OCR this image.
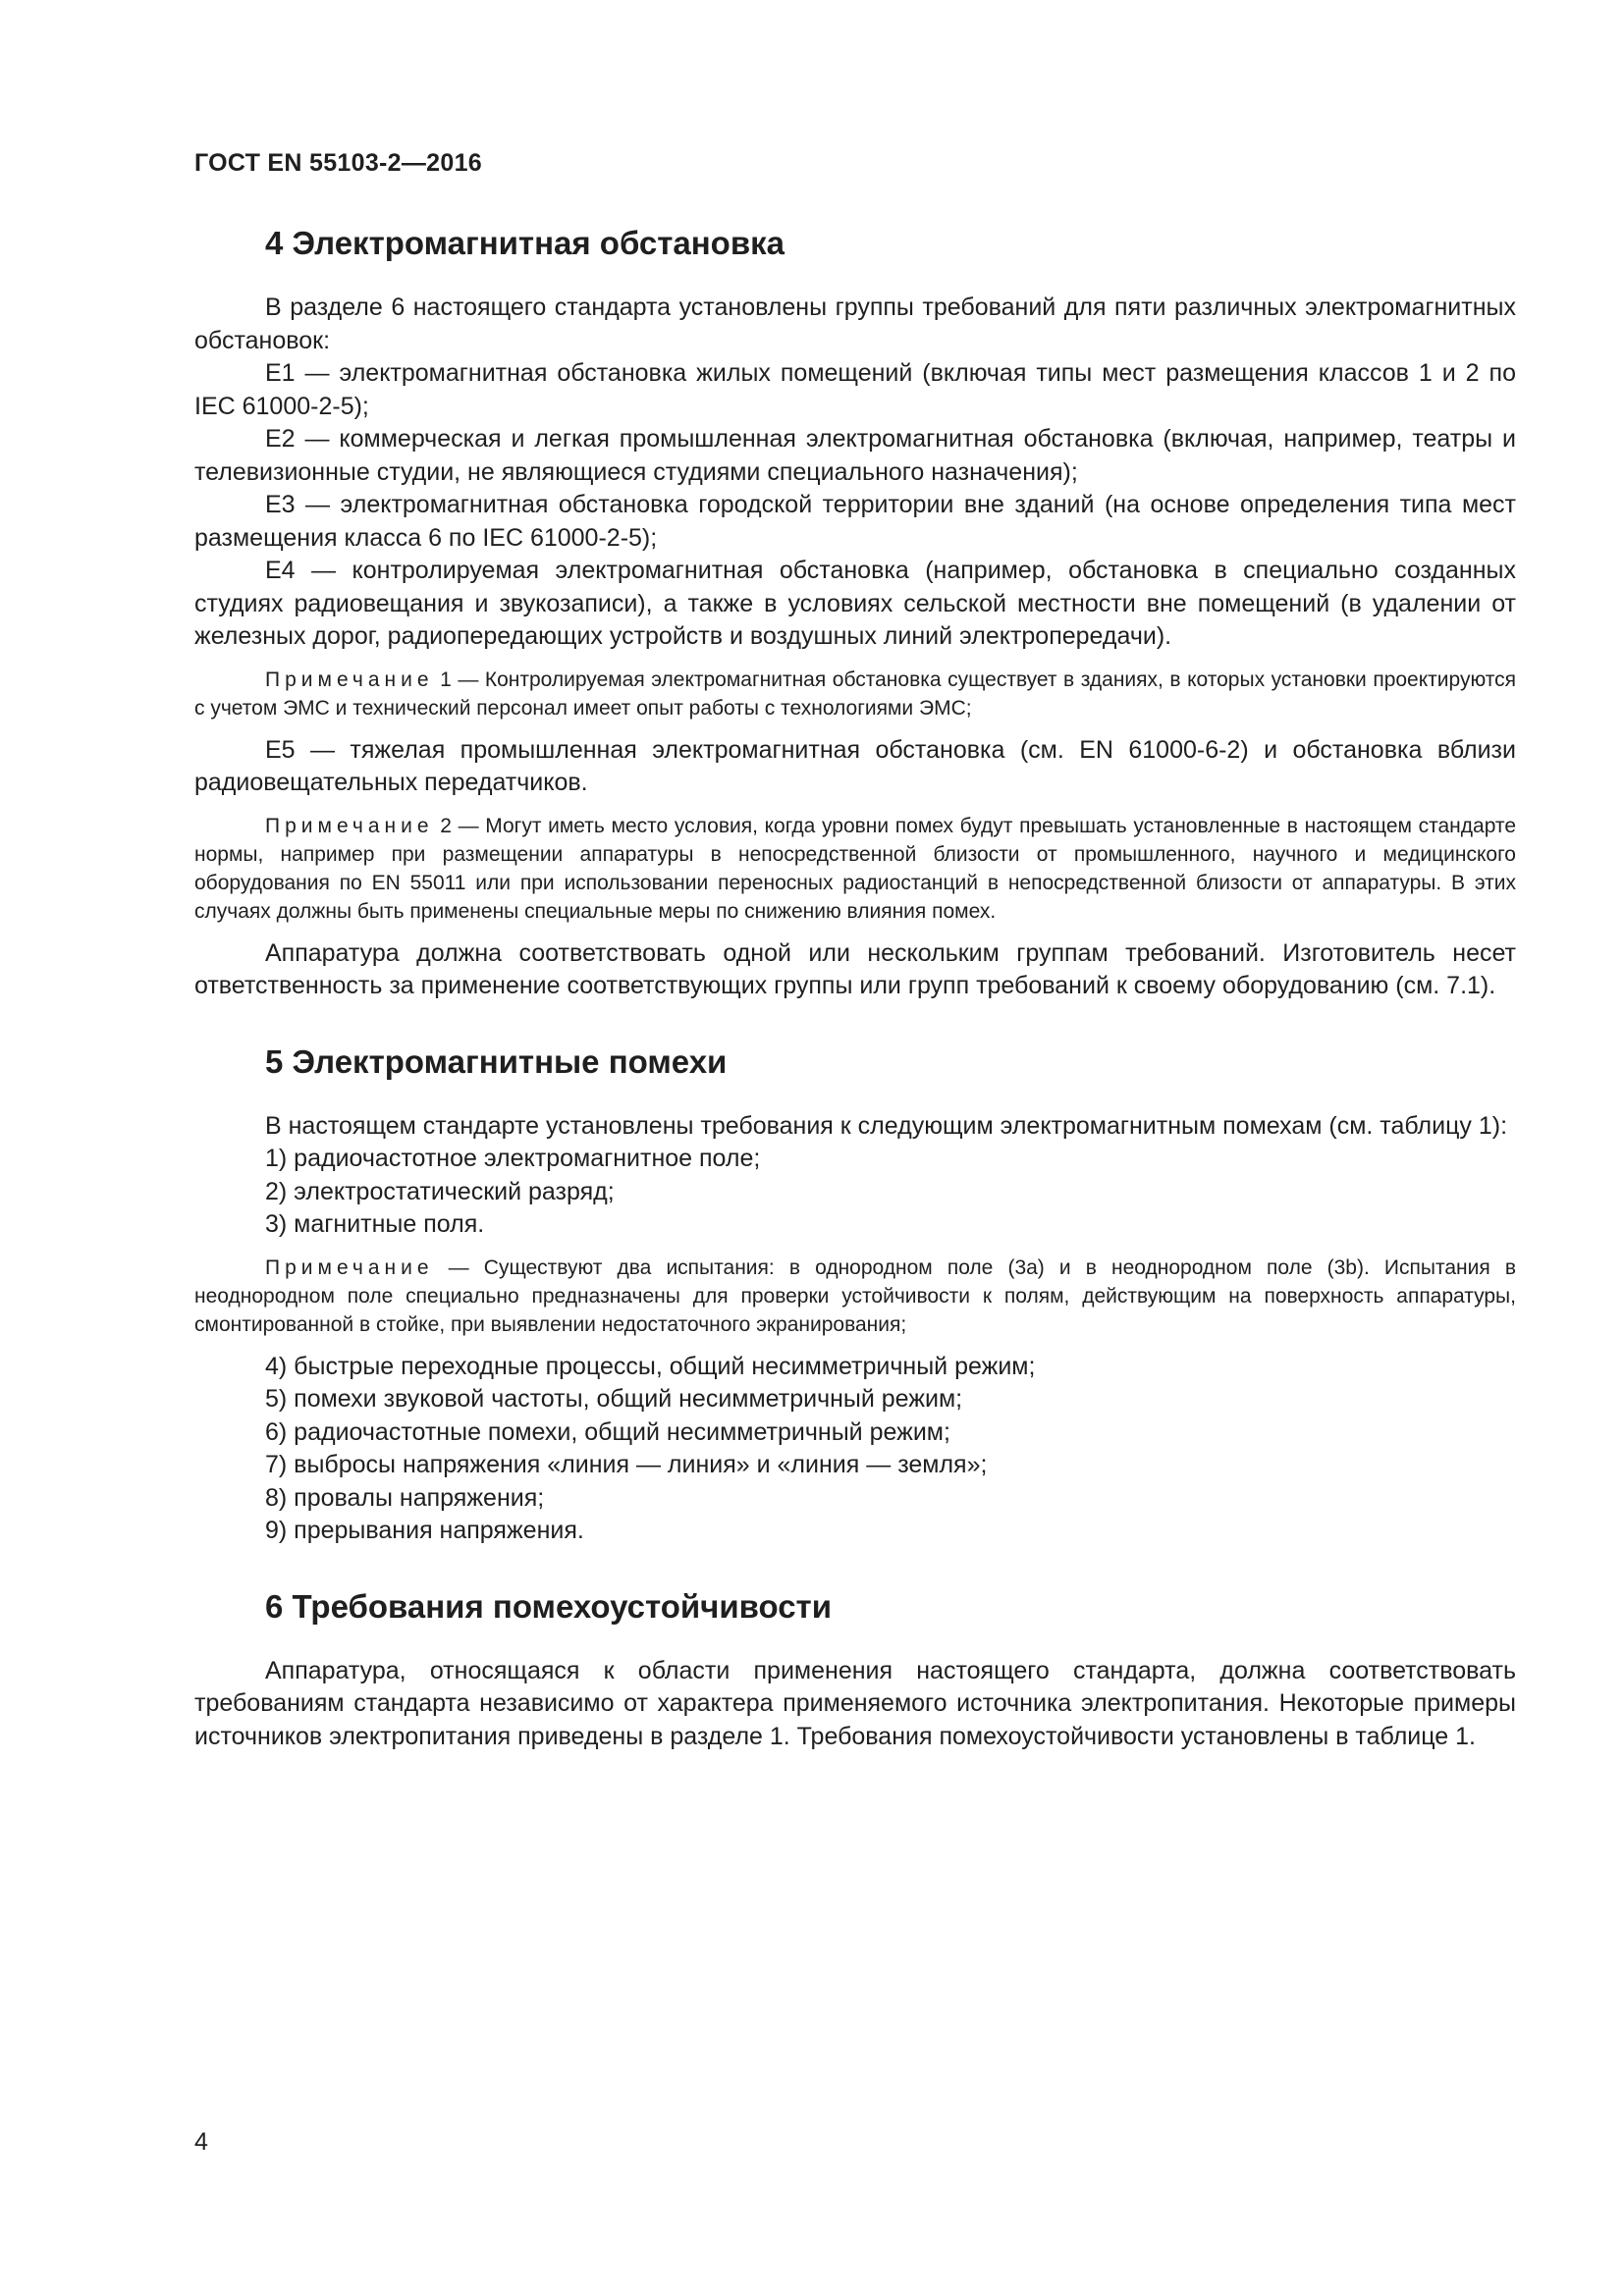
ГОСТ EN 55103-2—2016

4 Электромагнитная обстановка

В разделе 6 настоящего стандарта установлены группы требований для пяти различных электромагнитных обстановок:

E1 — электромагнитная обстановка жилых помещений (включая типы мест размещения классов 1 и 2 по IEC 61000-2-5);

E2 — коммерческая и легкая промышленная электромагнитная обстановка (включая, например, театры и телевизионные студии, не являющиеся студиями специального назначения);

E3 — электромагнитная обстановка городской территории вне зданий (на основе определения типа мест размещения класса 6 по IEC 61000-2-5);

E4 — контролируемая электромагнитная обстановка (например, обстановка в специально созданных студиях радиовещания и звукозаписи), а также в условиях сельской местности вне помещений (в удалении от железных дорог, радиопередающих устройств и воздушных линий электропередачи).

Примечание 1 — Контролируемая электромагнитная обстановка существует в зданиях, в которых установки проектируются с учетом ЭМС и технический персонал имеет опыт работы с технологиями ЭМС;

E5 — тяжелая промышленная электромагнитная обстановка (см. EN 61000-6-2) и обстановка вблизи радиовещательных передатчиков.

Примечание 2 — Могут иметь место условия, когда уровни помех будут превышать установленные в настоящем стандарте нормы, например при размещении аппаратуры в непосредственной близости от промышленного, научного и медицинского оборудования по EN 55011 или при использовании переносных радиостанций в непосредственной близости от аппаратуры. В этих случаях должны быть применены специальные меры по снижению влияния помех.

Аппаратура должна соответствовать одной или нескольким группам требований. Изготовитель несет ответственность за применение соответствующих группы или групп требований к своему оборудованию (см. 7.1).

5 Электромагнитные помехи

В настоящем стандарте установлены требования к следующим электромагнитным помехам (см. таблицу 1):

1) радиочастотное электромагнитное поле;

2) электростатический разряд;

3) магнитные поля.

Примечание — Существуют два испытания: в однородном поле (3a) и в неоднородном поле (3b). Испытания в неоднородном поле специально предназначены для проверки устойчивости к полям, действующим на поверхность аппаратуры, смонтированной в стойке, при выявлении недостаточного экранирования;

4) быстрые переходные процессы, общий несимметричный режим;

5) помехи звуковой частоты, общий несимметричный режим;

6) радиочастотные помехи, общий несимметричный режим;

7) выбросы напряжения «линия — линия» и «линия — земля»;

8) провалы напряжения;

9) прерывания напряжения.

6 Требования помехоустойчивости

Аппаратура, относящаяся к области применения настоящего стандарта, должна соответствовать требованиям стандарта независимо от характера применяемого источника электропитания. Некоторые примеры источников электропитания приведены в разделе 1. Требования помехоустойчивости установлены в таблице 1.

4
